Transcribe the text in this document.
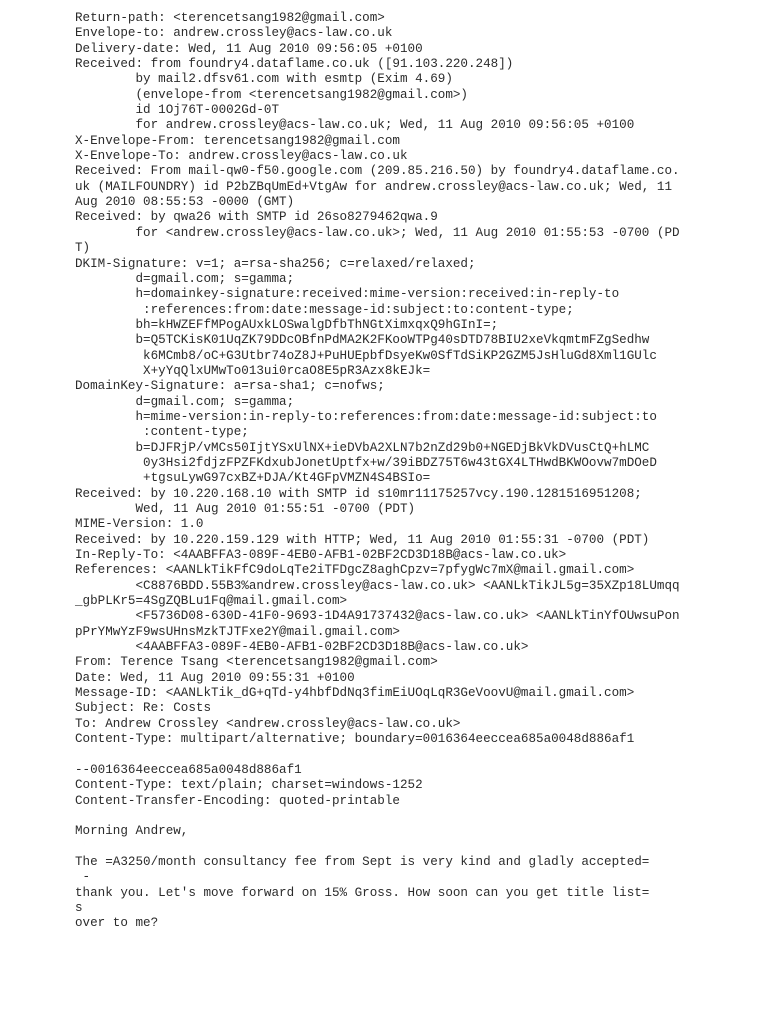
Return-path: <terencetsang1982@gmail.com>
Envelope-to: andrew.crossley@acs-law.co.uk
Delivery-date: Wed, 11 Aug 2010 09:56:05 +0100
Received: from foundry4.dataflame.co.uk ([91.103.220.248])
by mail2.dfsv61.com with esmtp (Exim 4.69)
(envelope-from <terencetsang1982@gmail.com>)
id 1Oj76T-0002Gd-0T
for andrew.crossley@acs-law.co.uk; Wed, 11 Aug 2010 09:56:05 +0100
X-Envelope-From: terencetsang1982@gmail.com
X-Envelope-To: andrew.crossley@acs-law.co.uk
Received: From mail-qw0-f50.google.com (209.85.216.50) by foundry4.dataflame.co.
uk (MAILFOUNDRY) id P2bZBqUmEd+VtgAw for andrew.crossley@acs-law.co.uk; Wed, 11
Aug 2010 08:55:53 -0000 (GMT)
Received: by qwa26 with SMTP id 26so8279462qwa.9
for <andrew.crossley@acs-law.co.uk>; Wed, 11 Aug 2010 01:55:53 -0700 (PD
T)
DKIM-Signature: v=1; a=rsa-sha256; c=relaxed/relaxed;
d=gmail.com; s=gamma;
h=domainkey-signature:received:mime-version:received:in-reply-to
:references:from:date:message-id:subject:to:content-type;
bh=kHWZEFfMPogAUxkLOSwalgDfbThNGtXimxqxQ9hGInI=;
b=Q5TCKisK01UqZK79DDcOBfnPdMA2K2FKooWTPg40sDTD78BIU2xeVkqmtmFZgSedhw
k6MCmb8/oC+G3Utbr74oZ8J+PuHUEpbfDsyeKw0SfTdSiKP2GZM5JsHluGd8Xml1GUlc
X+yYqQlxUMwTo013ui0rcaO8E5pR3Azx8kEJk=
DomainKey-Signature: a=rsa-sha1; c=nofws;
d=gmail.com; s=gamma;
h=mime-version:in-reply-to:references:from:date:message-id:subject:to
:content-type;
b=DJFRjP/vMCs50IjtYSxUlNX+ieDVbA2XLN7b2nZd29b0+NGEDjBkVkDVusCtQ+hLMC
0y3Hsi2fdjzFPZFKdxubJonetUptfx+w/39iBDZ75T6w43tGX4LTHwdBKWOovw7mDOeD
+tgsuLywG97cxBZ+DJA/Kt4GFpVMZN4S4BSIo=
Received: by 10.220.168.10 with SMTP id s10mr11175257vcy.190.1281516951208;
Wed, 11 Aug 2010 01:55:51 -0700 (PDT)
MIME-Version: 1.0
Received: by 10.220.159.129 with HTTP; Wed, 11 Aug 2010 01:55:31 -0700 (PDT)
In-Reply-To: <4AABFFA3-089F-4EB0-AFB1-02BF2CD3D18B@acs-law.co.uk>
References: <AANLkTikFfC9doLqTe2iTFDgcZ8aghCpzv=7pfygWc7mX@mail.gmail.com>
<C8876BDD.55B3%andrew.crossley@acs-law.co.uk> <AANLkTikJL5g=35XZp18LUmqq
_gbPLKr5=4SgZQBLu1Fq@mail.gmail.com>
<F5736D08-630D-41F0-9693-1D4A91737432@acs-law.co.uk> <AANLkTinYfOUwsuPon
pPrYMwYzF9wsUHnsMzkTJTFxe2Y@mail.gmail.com>
<4AABFFA3-089F-4EB0-AFB1-02BF2CD3D18B@acs-law.co.uk>
From: Terence Tsang <terencetsang1982@gmail.com>
Date: Wed, 11 Aug 2010 09:55:31 +0100
Message-ID: <AANLkTik_dG+qTd-y4hbfDdNq3fimEiUOqLqR3GeVoovU@mail.gmail.com>
Subject: Re: Costs
To: Andrew Crossley <andrew.crossley@acs-law.co.uk>
Content-Type: multipart/alternative; boundary=0016364eeccea685a0048d886af1
--0016364eeccea685a0048d886af1
Content-Type: text/plain; charset=windows-1252
Content-Transfer-Encoding: quoted-printable
Morning Andrew,
The =A3250/month consultancy fee from Sept is very kind and gladly accepted=
-
thank you. Let's move forward on 15% Gross. How soon can you get title list=
s
over to me?
